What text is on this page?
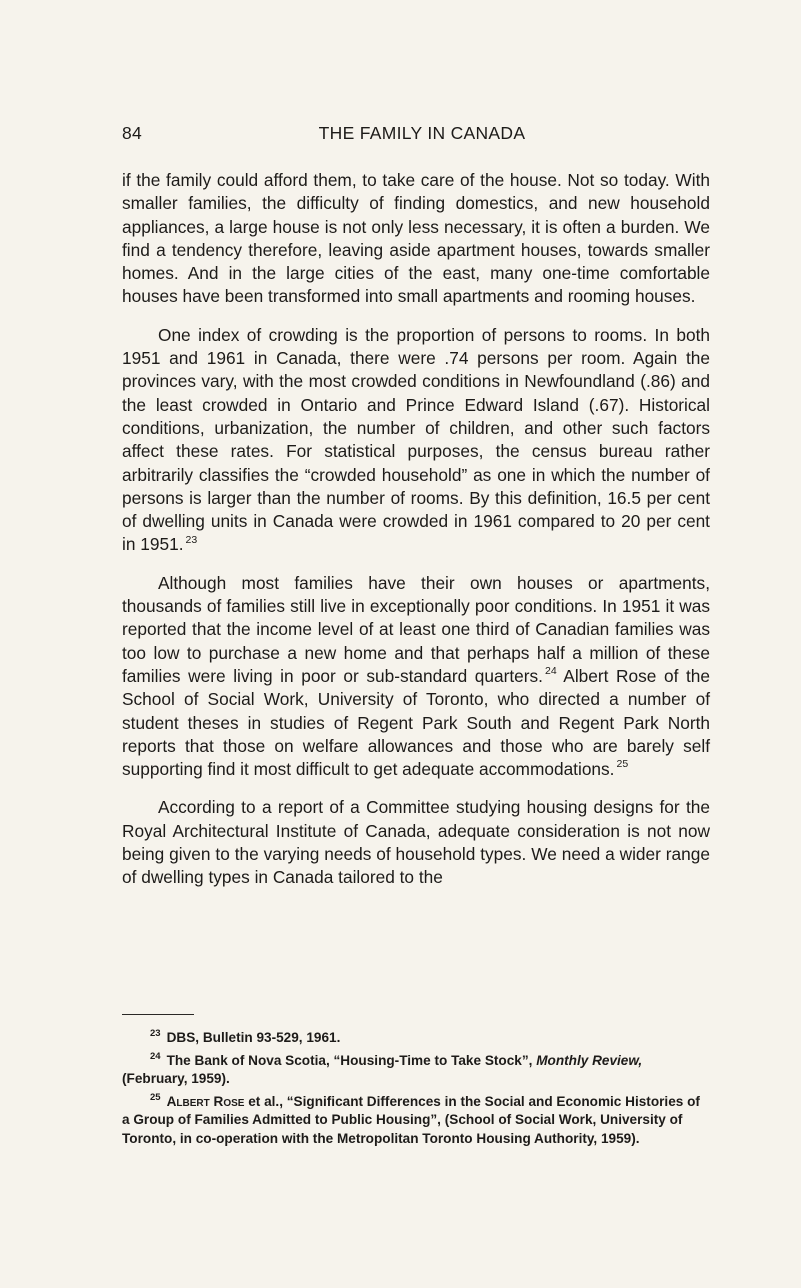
84	THE FAMILY IN CANADA

if the family could afford them, to take care of the house. Not so today. With smaller families, the difficulty of finding domestics, and new household appliances, a large house is not only less necessary, it is often a burden. We find a tendency therefore, leaving aside apartment houses, towards smaller homes. And in the large cities of the east, many one-time comfortable houses have been transformed into small apartments and rooming houses.

One index of crowding is the proportion of persons to rooms. In both 1951 and 1961 in Canada, there were .74 persons per room. Again the provinces vary, with the most crowded conditions in Newfoundland (.86) and the least crowded in Ontario and Prince Edward Island (.67). Historical conditions, urbanization, the number of children, and other such factors affect these rates. For statistical purposes, the census bureau rather arbitrarily classifies the “crowded household” as one in which the number of persons is larger than the number of rooms. By this definition, 16.5 per cent of dwelling units in Canada were crowded in 1961 compared to 20 per cent in 1951. $^{23}$

Although most families have their own houses or apartments, thousands of families still live in exceptionally poor conditions. In 1951 it was reported that the income level of at least one third of Canadian families was too low to purchase a new home and that perhaps half a million of these families were living in poor or sub-standard quarters. $^{24}$ Albert Rose of the School of Social Work, University of Toronto, who directed a number of student theses in studies of Regent Park South and Regent Park North reports that those on welfare allowances and those who are barely self supporting find it most difficult to get adequate accommodations. $^{25}$

According to a report of a Committee studying housing designs for the Royal Architectural Institute of Canada, adequate consideration is not now being given to the varying needs of household types. We need a wider range of dwelling types in Canada tailored to the

$^{23}$ DBS, Bulletin 93-529, 1961.
$^{24}$ The Bank of Nova Scotia, “Housing-Time to Take Stock”, Monthly Review, (February, 1959).
$^{25}$ Albert Rose et al., “Significant Differences in the Social and Economic Histories of a Group of Families Admitted to Public Housing”, (School of Social Work, University of Toronto, in co-operation with the Metropolitan Toronto Housing Authority, 1959).
